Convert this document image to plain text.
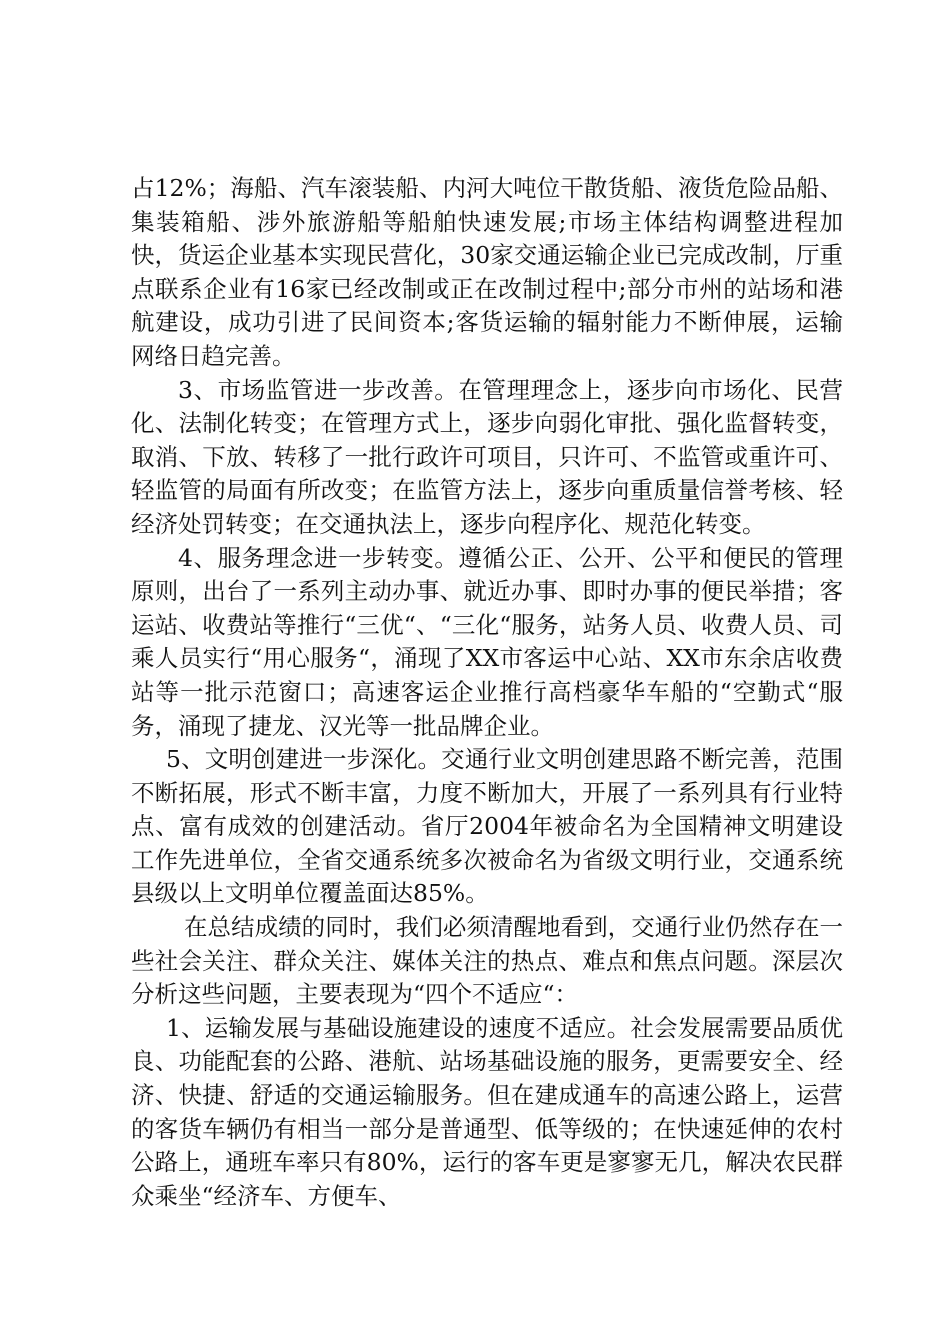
占12%；海船、汽车滚装船、内河大吨位干散货船、液货危险品船、集装箱船、涉外旅游船等船舶快速发展;市场主体结构调整进程加快，货运企业基本实现民营化，30家交通运输企业已完成改制，厅重点联系企业有16家已经改制或正在改制过程中;部分市州的站场和港航建设，成功引进了民间资本;客货运输的辐射能力不断伸展，运输网络日趋完善。

3、市场监管进一步改善。在管理理念上，逐步向市场化、民营化、法制化转变；在管理方式上，逐步向弱化审批、强化监督转变，取消、下放、转移了一批行政许可项目，只许可、不监管或重许可、轻监管的局面有所改变；在监管方法上，逐步向重质量信誉考核、轻经济处罚转变；在交通执法上，逐步向程序化、规范化转变。

4、服务理念进一步转变。遵循公正、公开、公平和便民的管理原则，出台了一系列主动办事、就近办事、即时办事的便民举措；客运站、收费站等推行“三优“、“三化“服务，站务人员、收费人员、司乘人员实行“用心服务“，涌现了XX市客运中心站、XX市东余店收费站等一批示范窗口；高速客运企业推行高档豪华车船的“空勤式“服务，涌现了捷龙、汉光等一批品牌企业。

5、文明创建进一步深化。交通行业文明创建思路不断完善，范围不断拓展，形式不断丰富，力度不断加大，开展了一系列具有行业特点、富有成效的创建活动。省厅2004年被命名为全国精神文明建设工作先进单位，全省交通系统多次被命名为省级文明行业，交通系统县级以上文明单位覆盖面达85%。

在总结成绩的同时，我们必须清醒地看到，交通行业仍然存在一些社会关注、群众关注、媒体关注的热点、难点和焦点问题。深层次分析这些问题，主要表现为“四个不适应“：

1、运输发展与基础设施建设的速度不适应。社会发展需要品质优良、功能配套的公路、港航、站场基础设施的服务，更需要安全、经济、快捷、舒适的交通运输服务。但在建成通车的高速公路上，运营的客货车辆仍有相当一部分是普通型、低等级的；在快速延伸的农村公路上，通班车率只有80%，运行的客车更是寥寥无几，解决农民群众乘坐“经济车、方便车、
